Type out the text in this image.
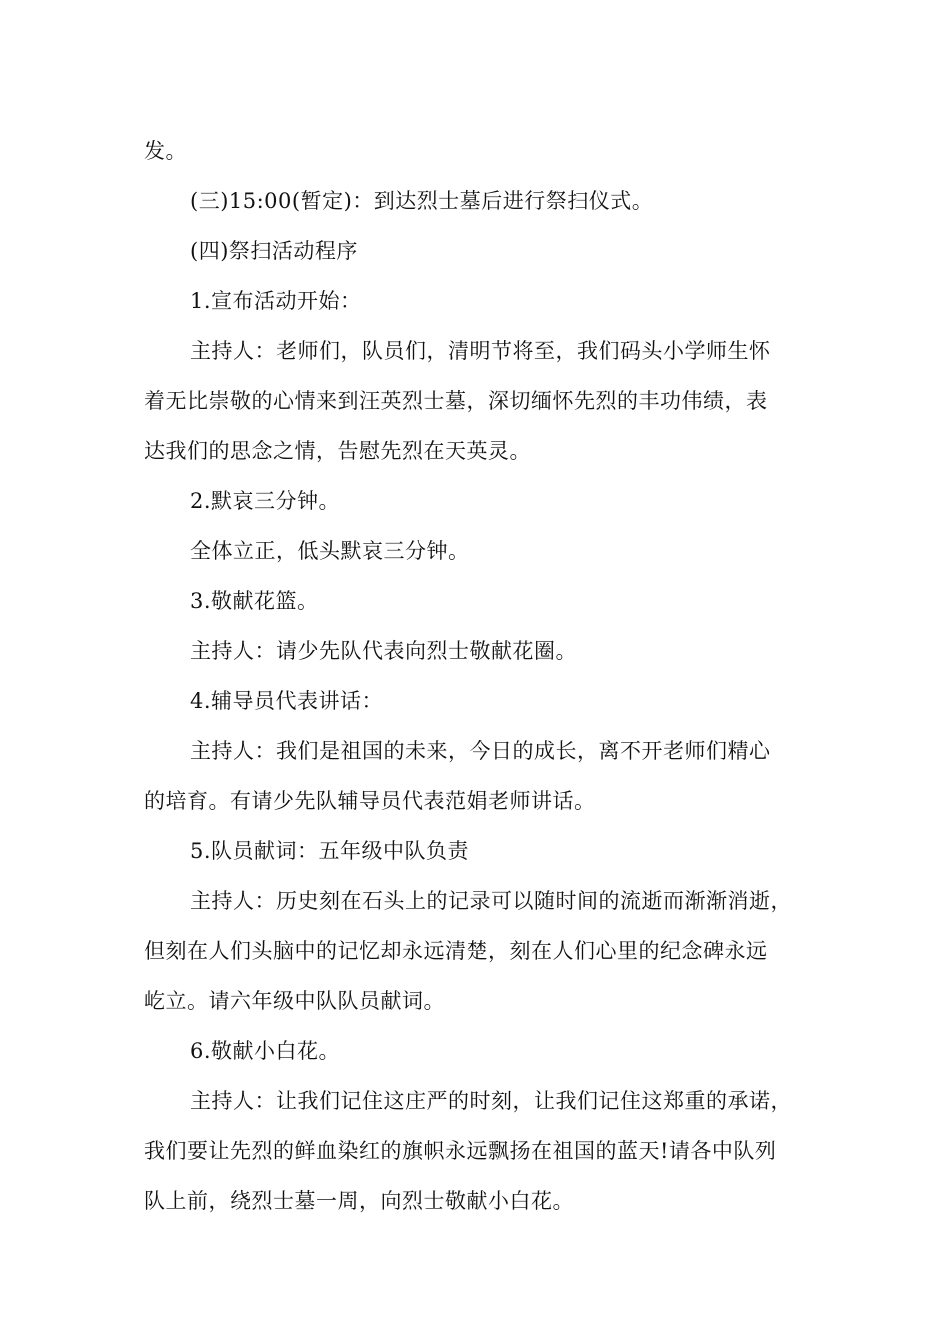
发。
(三)15:00(暂定)：到达烈士墓后进行祭扫仪式。
(四)祭扫活动程序
1.宣布活动开始：
主持人：老师们，队员们，清明节将至，我们码头小学师生怀
着无比崇敬的心情来到汪英烈士墓，深切缅怀先烈的丰功伟绩，表
达我们的思念之情，告慰先烈在天英灵。
2.默哀三分钟。
全体立正，低头默哀三分钟。
3.敬献花篮。
主持人：请少先队代表向烈士敬献花圈。
4.辅导员代表讲话：
主持人：我们是祖国的未来，今日的成长，离不开老师们精心
的培育。有请少先队辅导员代表范娟老师讲话。
5.队员献词：五年级中队负责
主持人：历史刻在石头上的记录可以随时间的流逝而渐渐消逝，
但刻在人们头脑中的记忆却永远清楚，刻在人们心里的纪念碑永远
屹立。请六年级中队队员献词。
6.敬献小白花。
主持人：让我们记住这庄严的时刻，让我们记住这郑重的承诺，
我们要让先烈的鲜血染红的旗帜永远飘扬在祖国的蓝天!请各中队列
队上前，绕烈士墓一周，向烈士敬献小白花。
